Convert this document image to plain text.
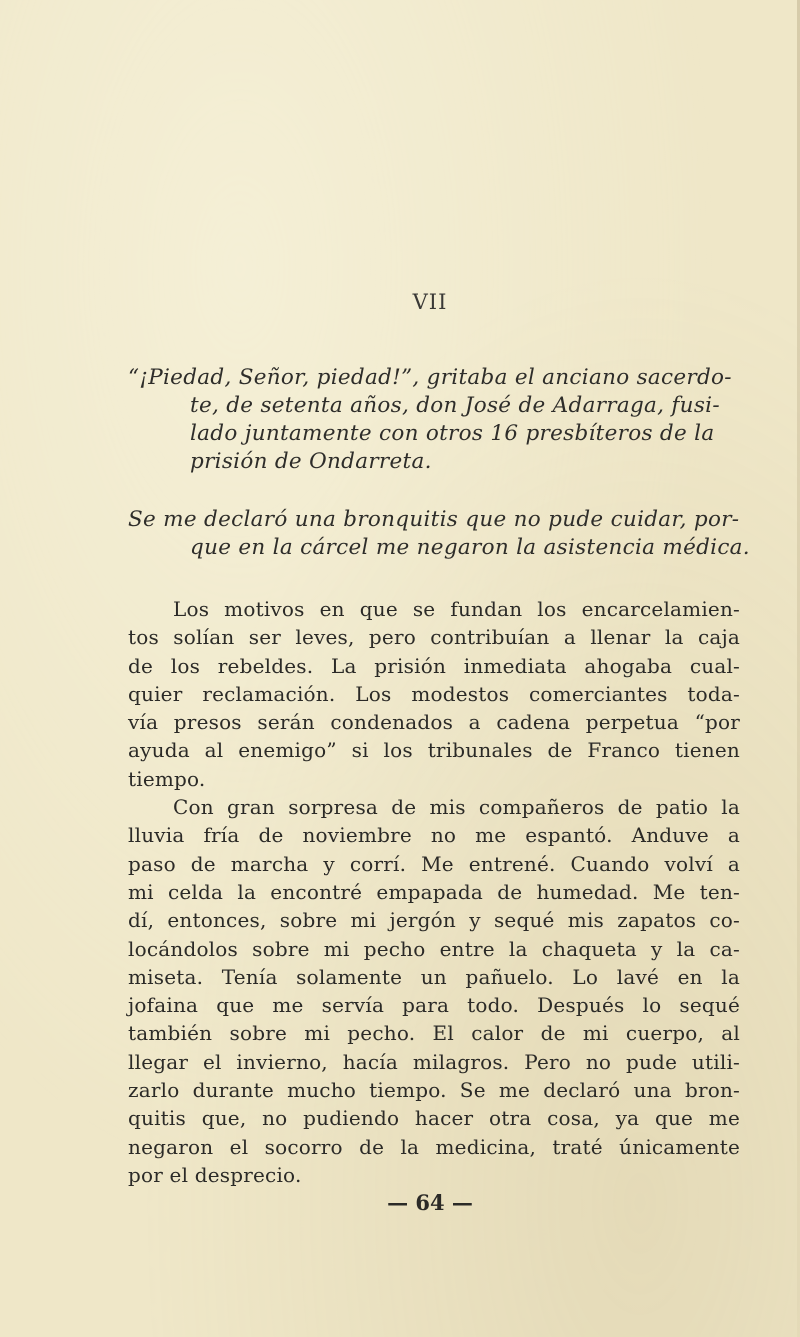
VII
“¡Piedad, Señor, piedad!”, gritaba el anciano sacerdo-
te, de setenta años, don José de Adarraga, fusi-
lado juntamente con otros 16 presbíteros de la
prisión de Ondarreta.
Se me declaró una bronquitis que no pude cuidar, por-
que en la cárcel me negaron la asistencia médica.
Los motivos en que se fundan los encarcelamien-
tos solían ser leves, pero contribuían a llenar la caja
de los rebeldes. La prisión inmediata ahogaba cual-
quier reclamación. Los modestos comerciantes toda-
vía presos serán condenados a cadena perpetua “por
ayuda al enemigo” si los tribunales de Franco tienen
tiempo.
Con gran sorpresa de mis compañeros de patio la
lluvia fría de noviembre no me espantó. Anduve a
paso de marcha y corrí. Me entrené. Cuando volví a
mi celda la encontré empapada de humedad. Me ten-
dí, entonces, sobre mi jergón y sequé mis zapatos co-
locándolos sobre mi pecho entre la chaqueta y la ca-
miseta. Tenía solamente un pañuelo. Lo lavé en la
jofaina que me servía para todo. Después lo sequé
también sobre mi pecho. El calor de mi cuerpo, al
llegar el invierno, hacía milagros. Pero no pude utili-
zarlo durante mucho tiempo. Se me declaró una bron-
quitis que, no pudiendo hacer otra cosa, ya que me
negaron el socorro de la medicina, traté únicamente
por el desprecio.
— 64 —
